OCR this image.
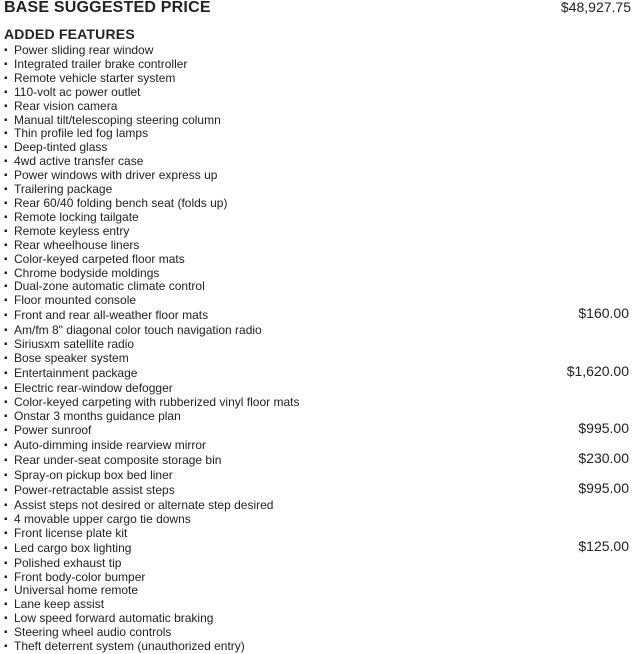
BASE SUGGESTED PRICE	$48,927.75
ADDED FEATURES
▪ Power sliding rear window
▪ Integrated trailer brake controller
▪ Remote vehicle starter system
▪ 110-volt ac power outlet
▪ Rear vision camera
▪ Manual tilt/telescoping steering column
▪ Thin profile led fog lamps
▪ Deep-tinted glass
▪ 4wd active transfer case
▪ Power windows with driver express up
▪ Trailering package
▪ Rear 60/40 folding bench seat (folds up)
▪ Remote locking tailgate
▪ Remote keyless entry
▪ Rear wheelhouse liners
▪ Color-keyed carpeted floor mats
▪ Chrome bodyside moldings
▪ Dual-zone automatic climate control
▪ Floor mounted console
▪ Front and rear all-weather floor mats	$160.00
▪ Am/fm 8" diagonal color touch navigation radio
▪ Siriusxm satellite radio
▪ Bose speaker system
▪ Entertainment package	$1,620.00
▪ Electric rear-window defogger
▪ Color-keyed carpeting with rubberized vinyl floor mats
▪ Onstar 3 months guidance plan
▪ Power sunroof	$995.00
▪ Auto-dimming inside rearview mirror
▪ Rear under-seat composite storage bin	$230.00
▪ Spray-on pickup box bed liner
▪ Power-retractable assist steps	$995.00
▪ Assist steps not desired or alternate step desired
▪ 4 movable upper cargo tie downs
▪ Front license plate kit
▪ Led cargo box lighting	$125.00
▪ Polished exhaust tip
▪ Front body-color bumper
▪ Universal home remote
▪ Lane keep assist
▪ Low speed forward automatic braking
▪ Steering wheel audio controls
▪ Theft deterrent system (unauthorized entry)
